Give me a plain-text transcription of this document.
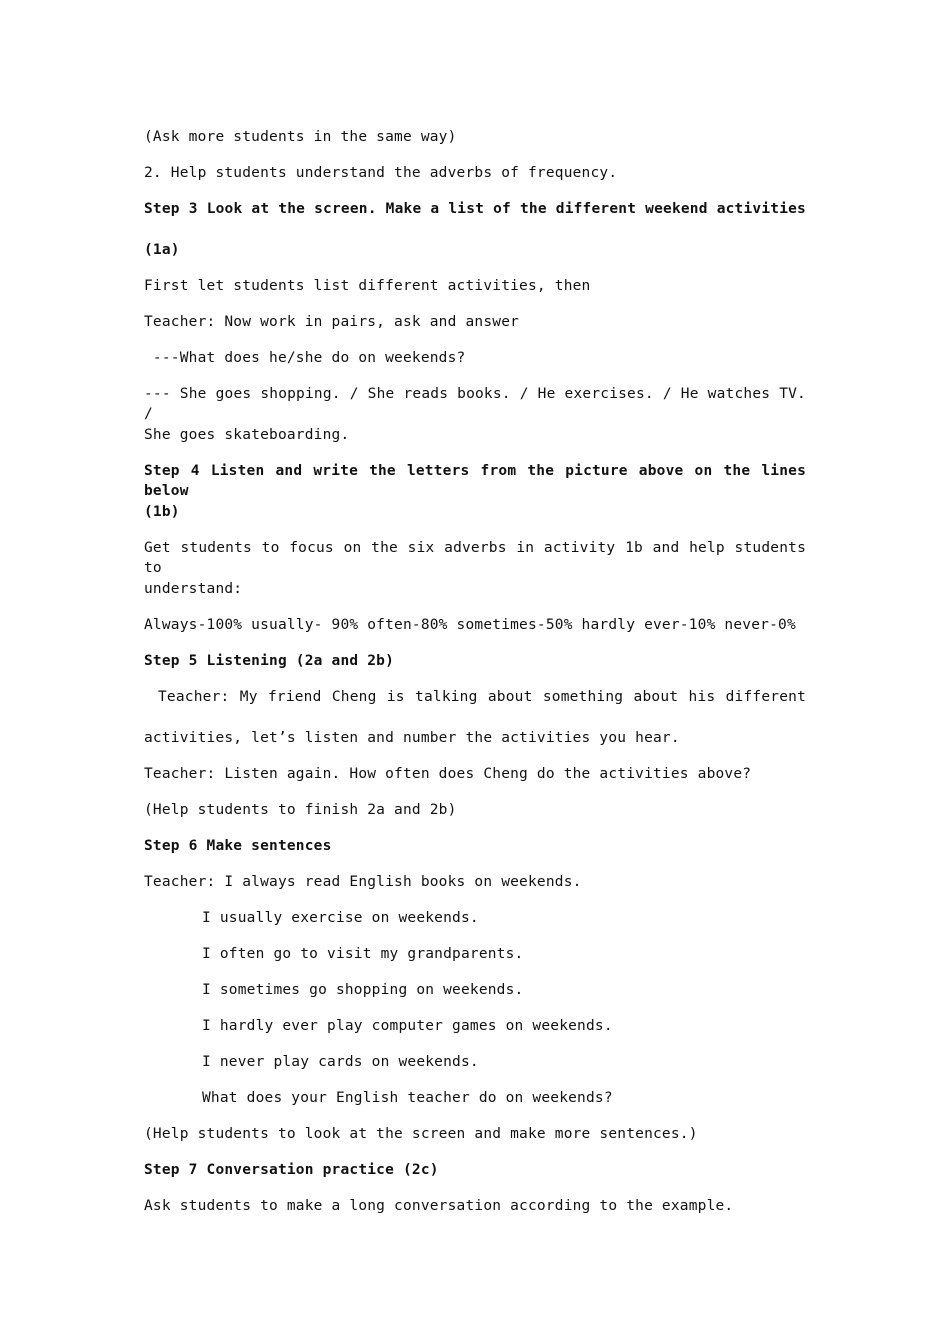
(Ask more students in the same way)
2. Help students understand the adverbs of frequency.
Step 3 Look at the screen. Make a list of the different weekend activities
(1a)
First let students list different activities, then
Teacher: Now work in pairs, ask and answer
---What does he/she do on weekends?
--- She goes shopping. / She reads books. / He exercises. / He watches TV. /
She goes skateboarding.
Step 4 Listen and write the letters from the picture above on the lines below
(1b)
Get students to focus on the six adverbs in activity 1b and help students to
understand:
Always-100% usually- 90% often-80% sometimes-50% hardly ever-10% never-0%
Step 5 Listening (2a and 2b)
Teacher: My friend Cheng is talking about something about his different
activities, let’s listen and number the activities you hear.
Teacher: Listen again. How often does Cheng do the activities above?
(Help students to finish 2a and 2b)
Step 6 Make sentences
Teacher: I always read English books on weekends.
I usually exercise on weekends.
I often go to visit my grandparents.
I sometimes go shopping on weekends.
I hardly ever play computer games on weekends.
I never play cards on weekends.
What does your English teacher do on weekends?
(Help students to look at the screen and make more sentences.)
Step 7 Conversation practice (2c)
Ask students to make a long conversation according to the example.
